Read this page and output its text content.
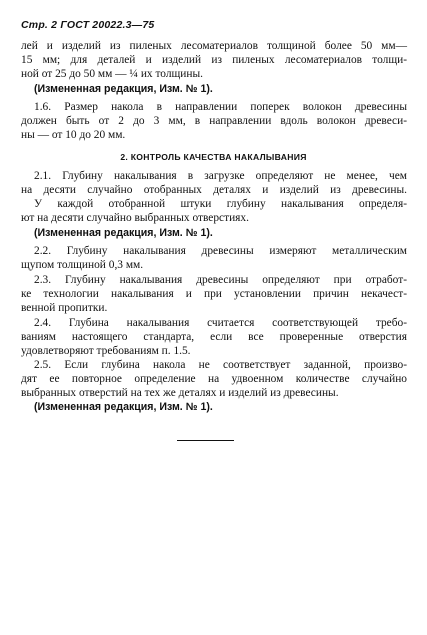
Стр. 2 ГОСТ 20022.3—75
лей и изделий из пиленых лесоматериалов толщиной более 50 мм—
15 мм; для деталей и изделий из пиленых лесоматериалов толщи-
ной от 25 до 50 мм — ¼ их толщины.
(Измененная редакция, Изм. № 1).
1.6. Размер накола в направлении поперек волокон древесины
должен быть от 2 до 3 мм, в направлении вдоль волокон древеси-
ны — от 10 до 20 мм.
2. КОНТРОЛЬ КАЧЕСТВА НАКАЛЫВАНИЯ
2.1. Глубину накалывания в загрузке определяют не менее, чем
на десяти случайно отобранных деталях и изделий из древесины.
У каждой отобранной штуки глубину накалывания определя-
ют на десяти случайно выбранных отверстиях.
(Измененная редакция, Изм. № 1).
2.2. Глубину накалывания древесины измеряют металлическим
щупом толщиной 0,3 мм.
2.3. Глубину накалывания древесины определяют при отработ-
ке технологии накалывания и при установлении причин некачест-
венной пропитки.
2.4. Глубина накалывания считается соответствующей требо-
ваниям настоящего стандарта, если все проверенные отверстия
удовлетворяют требованиям п. 1.5.
2.5. Если глубина накола не соответствует заданной, произво-
дят ее повторное определение на удвоенном количестве случайно
выбранных отверстий на тех же деталях и изделий из древесины.
(Измененная редакция, Изм. № 1).
